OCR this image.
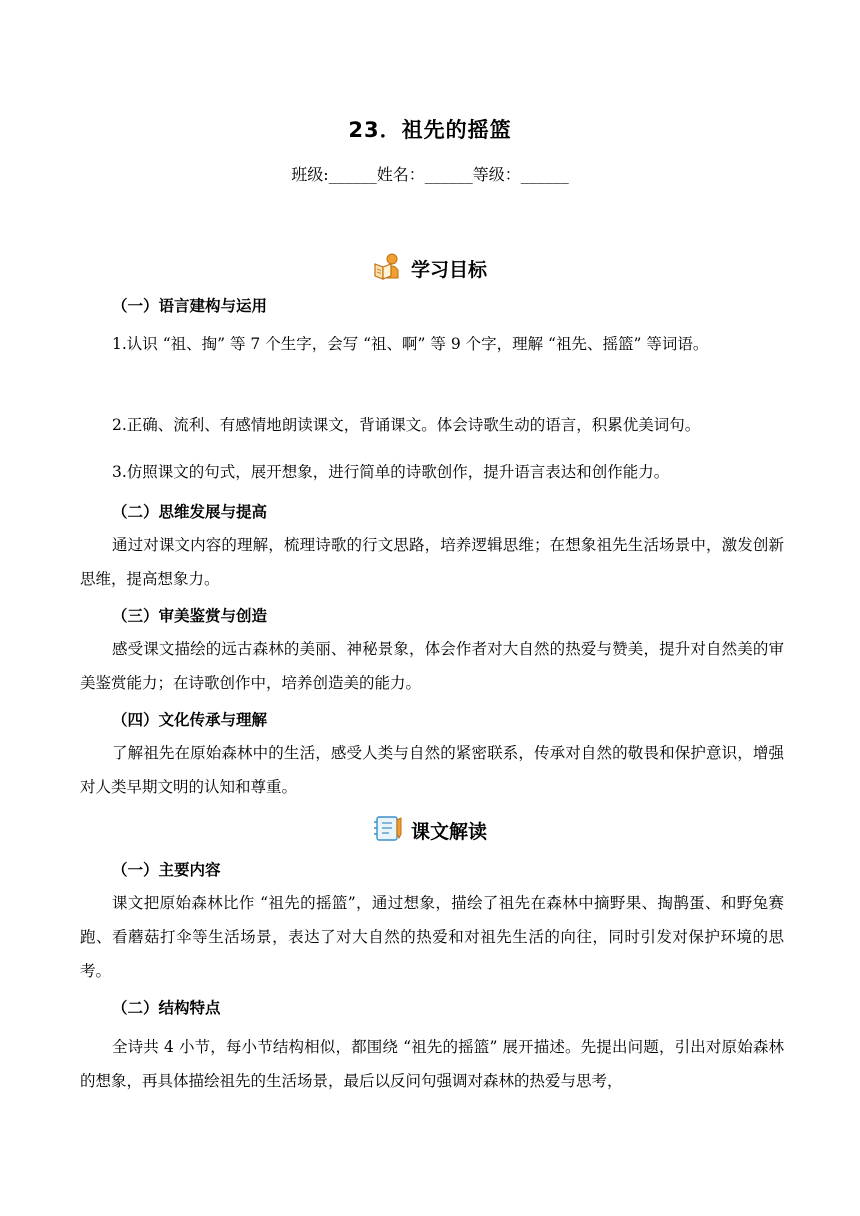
23．祖先的摇篮
班级:______姓名：______等级：______
学习目标
（一）语言建构与运用

1.认识 “祖、掏” 等 7 个生字，会写 “祖、啊” 等 9 个字，理解 “祖先、摇篮” 等词语。

2.正确、流利、有感情地朗读课文，背诵课文。体会诗歌生动的语言，积累优美词句。

3.仿照课文的句式，展开想象，进行简单的诗歌创作，提升语言表达和创作能力。

（二）思维发展与提高

通过对课文内容的理解，梳理诗歌的行文思路，培养逻辑思维；在想象祖先生活场景中，激发创新思维，提高想象力。

（三）审美鉴赏与创造

感受课文描绘的远古森林的美丽、神秘景象，体会作者对大自然的热爱与赞美，提升对自然美的审美鉴赏能力；在诗歌创作中，培养创造美的能力。

（四）文化传承与理解

了解祖先在原始森林中的生活，感受人类与自然的紧密联系，传承对自然的敬畏和保护意识，增强对人类早期文明的认知和尊重。

课文解读
（一）主要内容

课文把原始森林比作 “祖先的摇篮”，通过想象，描绘了祖先在森林中摘野果、掏鹊蛋、和野兔赛跑、看蘑菇打伞等生活场景，表达了对大自然的热爱和对祖先生活的向往，同时引发对保护环境的思考。

（二）结构特点

全诗共 4 小节，每小节结构相似，都围绕 “祖先的摇篮” 展开描述。先提出问题，引出对原始森林的想象，再具体描绘祖先的生活场景，最后以反问句强调对森林的热爱与思考，
